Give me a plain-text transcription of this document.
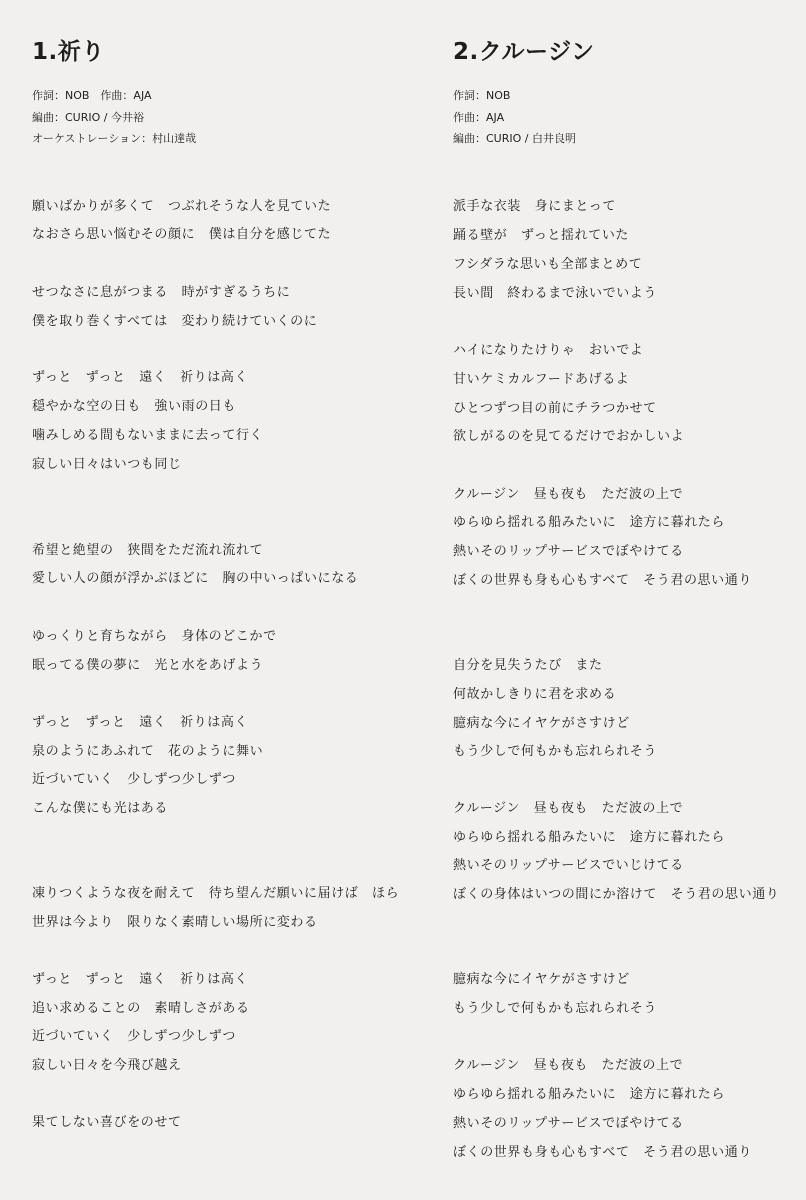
1.祈り
作詞：NOB　作曲：AJA
編曲：CURIO / 今井裕
オーケストレーション：村山達哉
願いばかりが多くて　つぶれそうな人を見ていた
なおさら思い悩むその顔に　僕は自分を感じてた
せつなさに息がつまる　時がすぎるうちに
僕を取り巻くすべては　変わり続けていくのに
ずっと　ずっと　遠く　祈りは高く
穏やかな空の日も　強い雨の日も
噛みしめる間もないままに去って行く
寂しい日々はいつも同じ
希望と絶望の　狭間をただ流れ流れて
愛しい人の顔が浮かぶほどに　胸の中いっぱいになる
ゆっくりと育ちながら　身体のどこかで
眠ってる僕の夢に　光と水をあげよう
ずっと　ずっと　遠く　祈りは高く
泉のようにあふれて　花のように舞い
近づいていく　少しずつ少しずつ
こんな僕にも光はある
凍りつくような夜を耐えて　待ち望んだ願いに届けば　ほら
世界は今より　限りなく素晴しい場所に変わる
ずっと　ずっと　遠く　祈りは高く
追い求めることの　素晴しさがある
近づいていく　少しずつ少しずつ
寂しい日々を今飛び越え
果てしない喜びをのせて
2.クルージン
作詞：NOB
作曲：AJA
編曲：CURIO / 白井良明
派手な衣装　身にまとって
踊る壁が　ずっと揺れていた
フシダラな思いも全部まとめて
長い間　終わるまで泳いでいよう
ハイになりたけりゃ　おいでよ
甘いケミカルフードあげるよ
ひとつずつ目の前にチラつかせて
欲しがるのを見てるだけでおかしいよ
クルージン　昼も夜も　ただ波の上で
ゆらゆら揺れる船みたいに　途方に暮れたら
熱いそのリップサービスでぼやけてる
ぼくの世界も身も心もすべて　そう君の思い通り
自分を見失うたび　また
何故かしきりに君を求める
臆病な今にイヤケがさすけど
もう少しで何もかも忘れられそう
クルージン　昼も夜も　ただ波の上で
ゆらゆら揺れる船みたいに　途方に暮れたら
熱いそのリップサービスでいじけてる
ぼくの身体はいつの間にか溶けて　そう君の思い通り
臆病な今にイヤケがさすけど
もう少しで何もかも忘れられそう
クルージン　昼も夜も　ただ波の上で
ゆらゆら揺れる船みたいに　途方に暮れたら
熱いそのリップサービスでぼやけてる
ぼくの世界も身も心もすべて　そう君の思い通り
